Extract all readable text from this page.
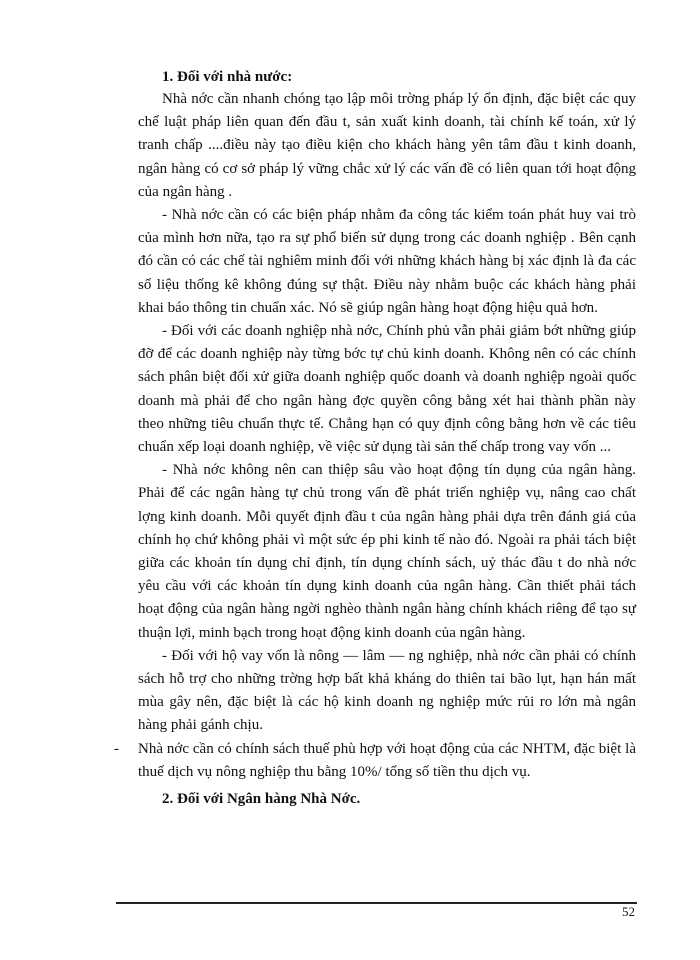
1. Đối với nhà nước:

Nhà nớc cần nhanh chóng tạo lập môi trờng pháp lý ổn định, đặc biệt các quy chế luật pháp liên quan đến đầu t, sản xuất kinh doanh, tài chính kế toán, xử lý tranh chấp ....điều này tạo điều kiện cho khách hàng yên tâm đầu t kinh doanh, ngân hàng có cơ sở pháp lý vững chắc xử lý các vấn đề có liên quan tới hoạt động của ngân hàng .

- Nhà nớc cần có các biện pháp nhằm đa công tác kiểm toán phát huy vai trò của mình hơn nữa, tạo ra sự phổ biến sử dụng trong các doanh nghiệp . Bên cạnh đó cần có các chế tài nghiêm minh đối với những khách hàng bị xác định là đa các số liệu thống kê không đúng sự thật. Điều này nhằm buộc các khách hàng phải khai báo thông tin chuẩn xác. Nó sẽ giúp ngân hàng hoạt động hiệu quả hơn.

- Đối với các doanh nghiệp nhà nớc, Chính phủ vẫn phải giảm bớt những giúp đỡ để các doanh nghiệp này từng bớc tự chủ kinh doanh. Không nên có các chính sách phân biệt đối xử giữa doanh nghiệp quốc doanh và doanh nghiệp ngoài quốc doanh mà phải để cho ngân hàng đợc quyền công bằng xét hai thành phần này theo những tiêu chuẩn thực tế. Chẳng hạn có quy định công bằng hơn về các tiêu chuẩn xếp loại doanh nghiệp, về việc sử dụng tài sản thế chấp trong vay vốn ...

- Nhà nớc không nên can thiệp sâu vào hoạt động tín dụng của ngân hàng. Phải để các ngân hàng tự chủ trong vấn đề phát triển nghiệp vụ, nâng cao chất lợng kinh doanh. Mỗi quyết định đầu t của ngân hàng phải dựa trên đánh giá của chính họ chứ không phải vì một sức ép phi kinh tế nào đó. Ngoài ra phải tách biệt giữa các khoản tín dụng chỉ định, tín dụng chính sách, uỷ thác đầu t do nhà nớc yêu cầu với các khoản tín dụng kinh doanh của ngân hàng. Cần thiết phải tách hoạt động của ngân hàng ngời nghèo thành ngân hàng chính khách riêng để tạo sự thuận lợi, minh bạch trong hoạt động kinh doanh của ngân hàng.

- Đối với hộ vay vốn là nông — lâm — ng nghiệp, nhà nớc cần phải có chính sách hỗ trợ cho những trờng hợp bất khả kháng do thiên tai bão lụt, hạn hán mất mùa gây nên, đặc biệt là các hộ kinh doanh ng nghiệp mức rủi ro lớn mà ngân hàng phải gánh chịu.

-	Nhà nớc cần có chính sách thuế phù hợp với hoạt động của các NHTM, đặc biệt là thuế dịch vụ nông nghiệp thu bằng 10%/ tổng số tiền thu dịch vụ.

2. Đối với Ngân hàng Nhà Nớc.

52
